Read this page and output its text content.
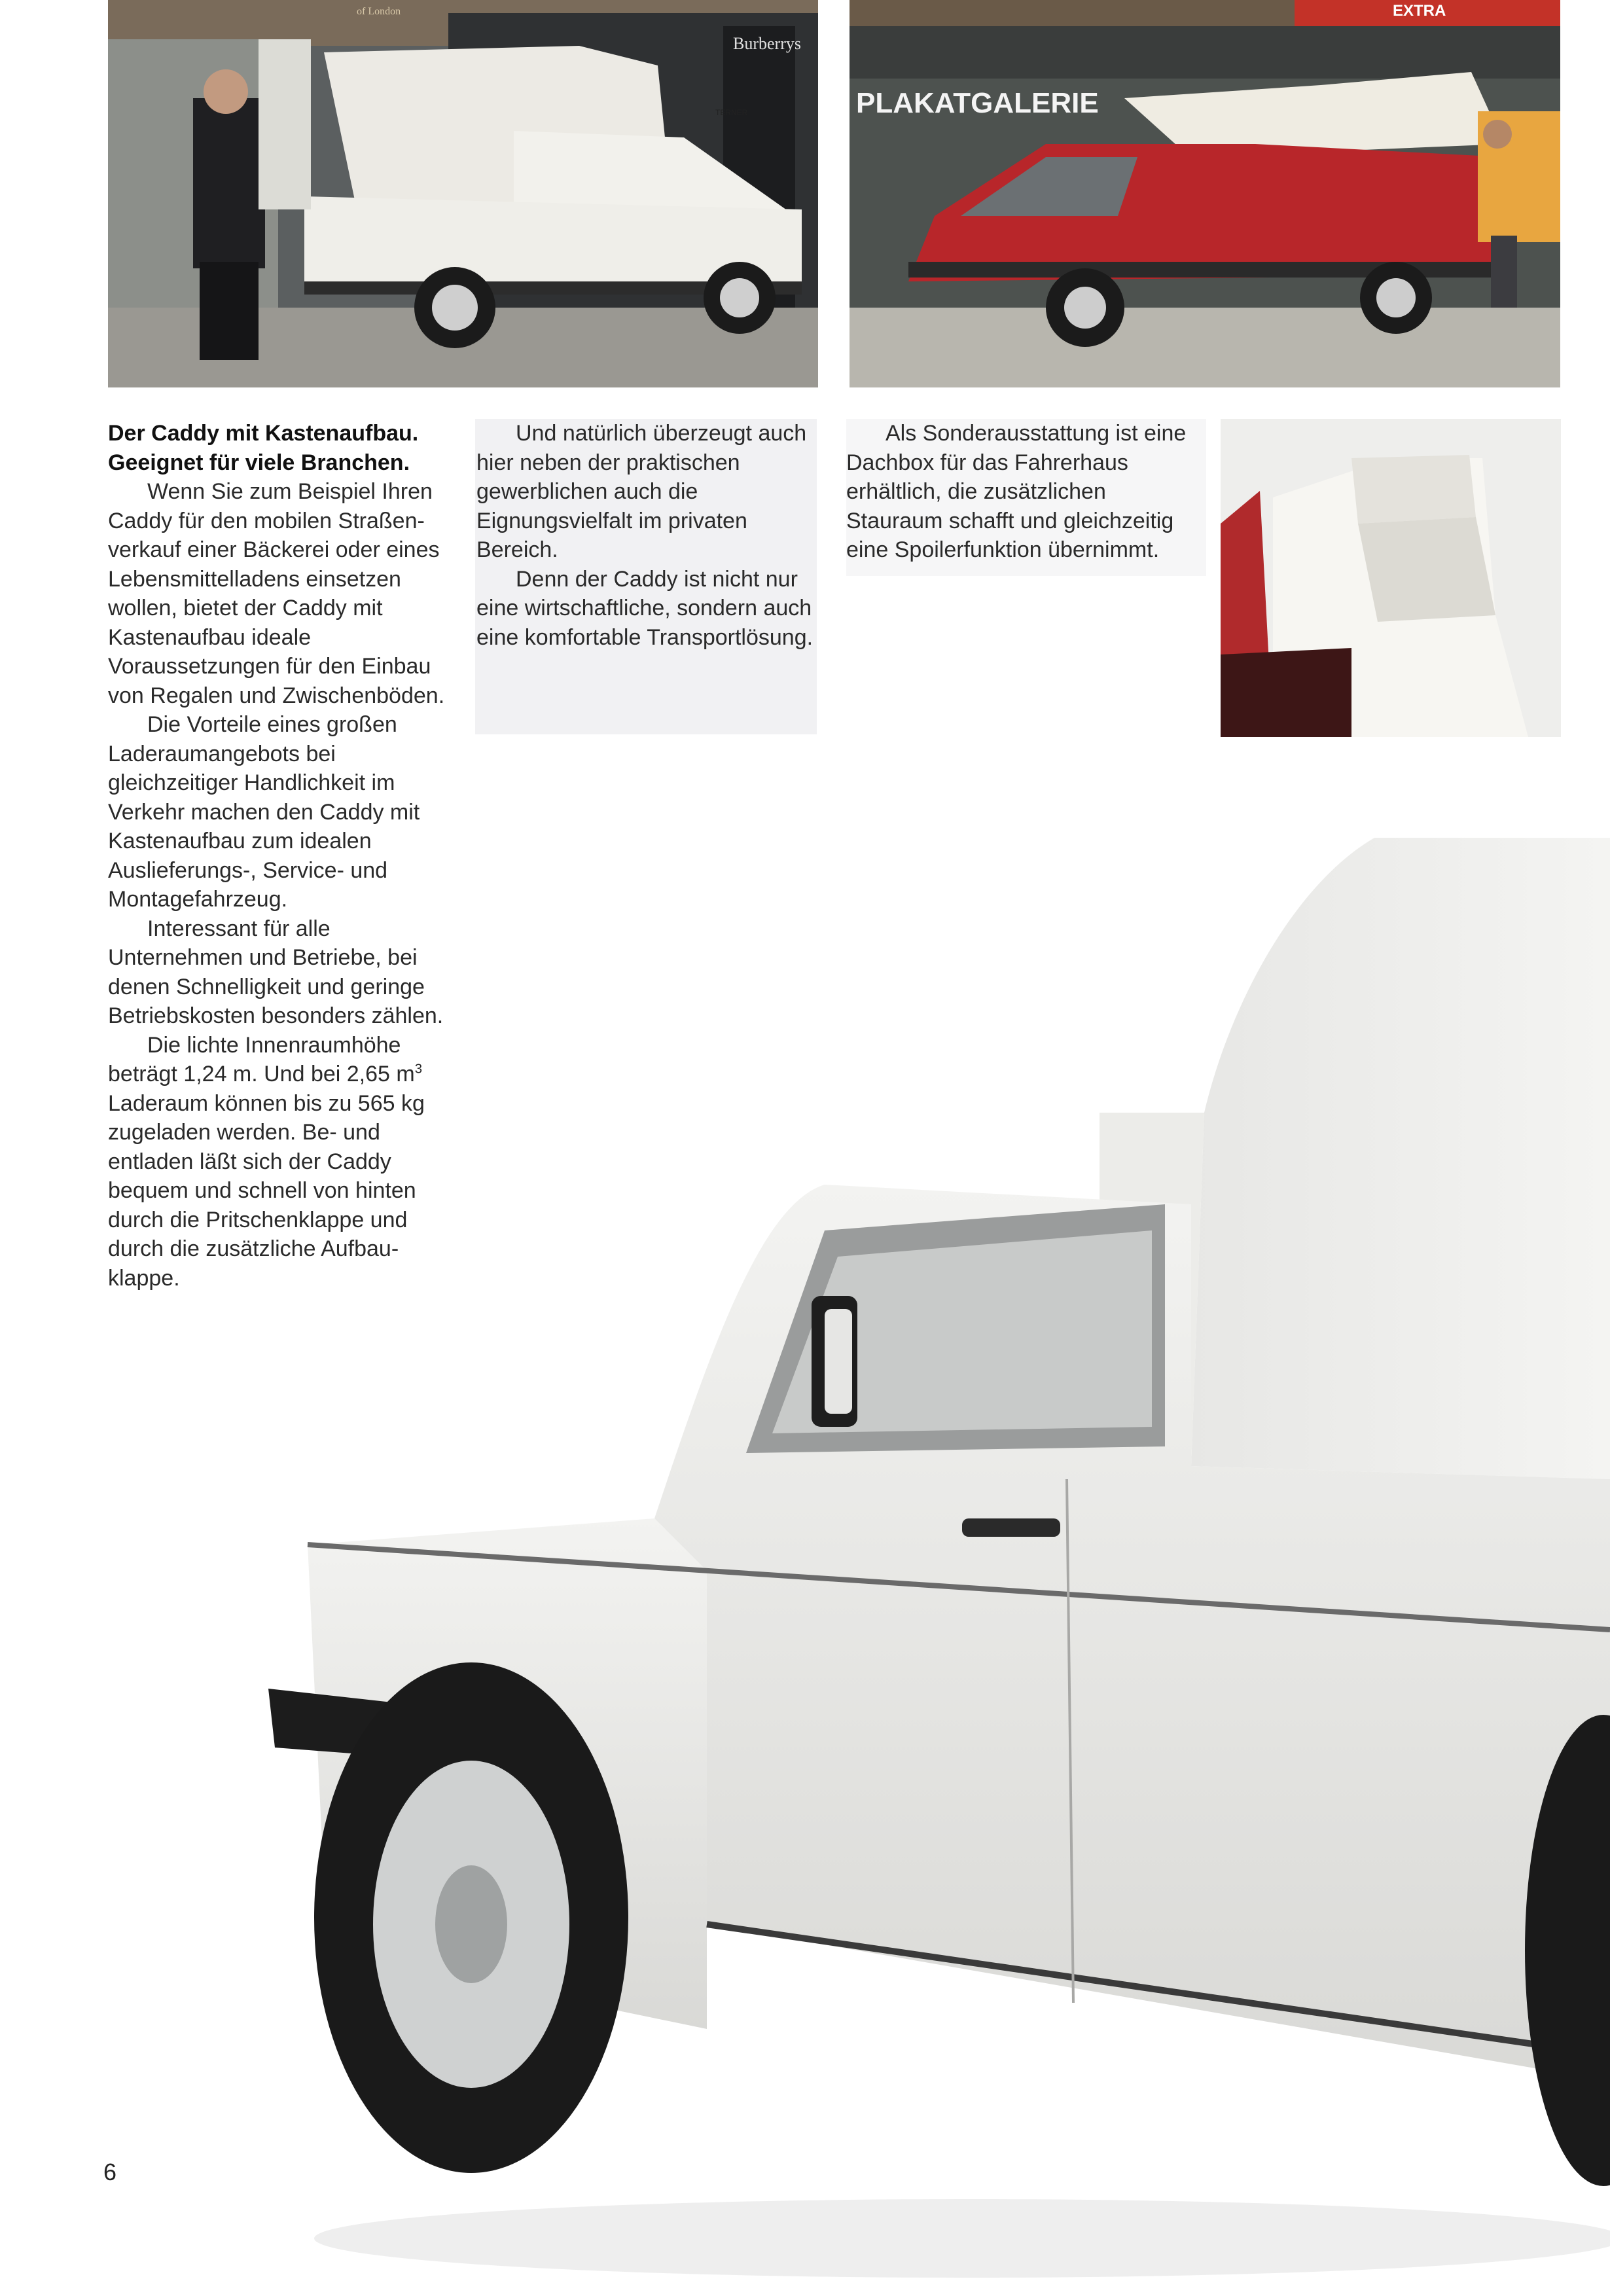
of London
Burberrys
TERNER	PLAKATGALERIE
EXTRA

Der Caddy mit Kastenaufbau.
Geeignet für viele Branchen.

Wenn Sie zum Beispiel Ihren Caddy für den mobilen Straßenverkauf einer Bäckerei oder eines Lebensmittelladens einsetzen wollen, bietet der Caddy mit Kastenaufbau ideale Voraussetzungen für den Einbau von Regalen und Zwischenböden.

Die Vorteile eines großen Laderaumangebots bei gleichzeitiger Handlichkeit im Verkehr machen den Caddy mit Kastenaufbau zum idealen Auslieferungs-, Service- und Montagefahrzeug.

Interessant für alle Unternehmen und Betriebe, bei denen Schnelligkeit und geringe Betriebskosten besonders zählen.

Die lichte Innenraumhöhe beträgt 1,24 m. Und bei 2,65 $m^3$ Laderaum können bis zu 565 kg zugeladen werden. Be- und entladen läßt sich der Caddy bequem und schnell von hinten durch die Pritschenklappe und durch die zusätzliche Aufbauklappe.

Und natürlich überzeugt auch hier neben der praktischen gewerblichen auch die Eignungsvielfalt im privaten Bereich.

Denn der Caddy ist nicht nur eine wirtschaftliche, sondern auch eine komfortable Transportlösung.

Als Sonderausstattung ist eine Dachbox für das Fahrerhaus erhältlich, die zusätzlichen Stauraum schafft und gleichzeitig eine Spoilerfunktion übernimmt.

6
